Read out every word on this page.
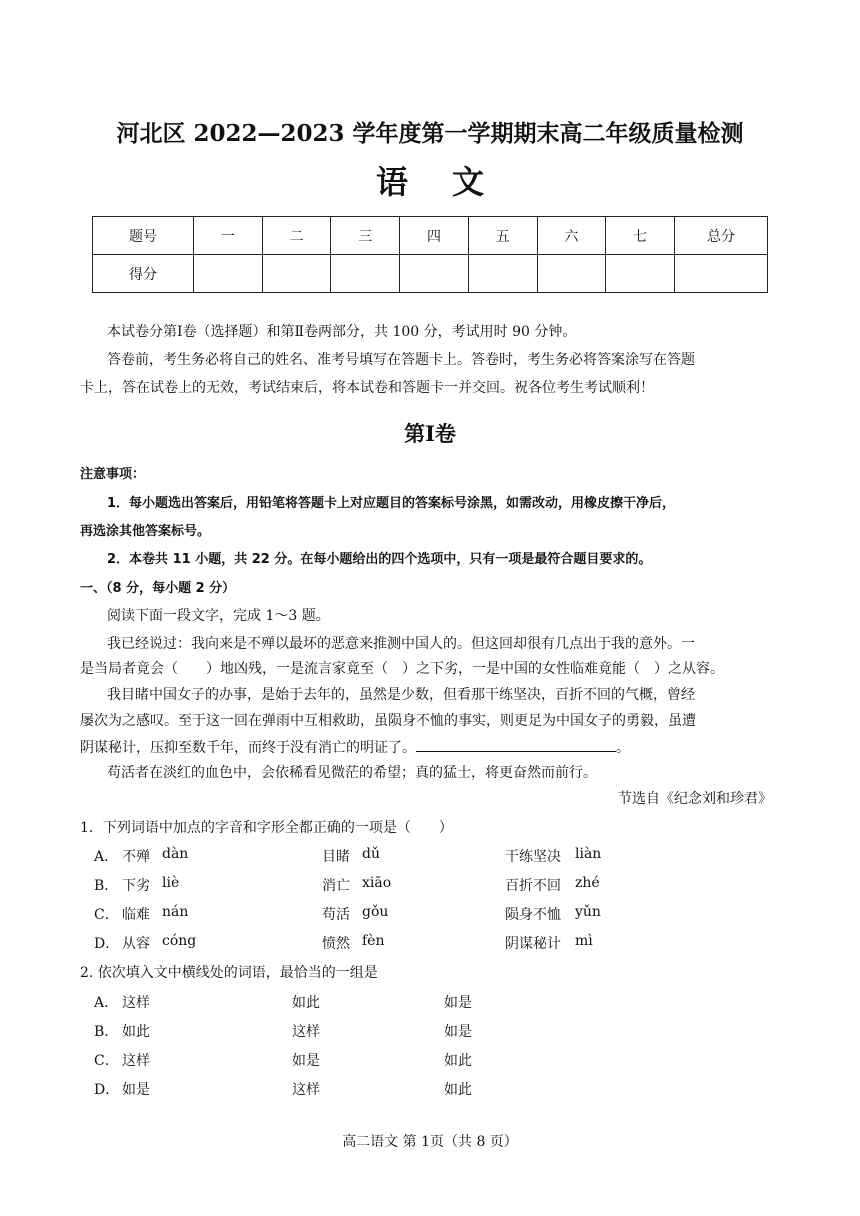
河北区 2022—2023 学年度第一学期期末高二年级质量检测
语文
题号	一	二	三	四	五	六	七	总分
得分								
本试卷分第Ⅰ卷（选择题）和第Ⅱ卷两部分，共 100 分，考试用时 90 分钟。
答卷前，考生务必将自己的姓名、准考号填写在答题卡上。答卷时，考生务必将答案涂写在答题
卡上，答在试卷上的无效，考试结束后，将本试卷和答题卡一并交回。祝各位考生考试顺利！
第Ⅰ卷
注意事项：
1．每小题选出答案后，用铅笔将答题卡上对应题目的答案标号涂黑，如需改动，用橡皮擦干净后，
再选涂其他答案标号。
2．本卷共 11 小题，共 22 分。在每小题给出的四个选项中，只有一项是最符合题目要求的。
一、（8 分，每小题 2 分）
阅读下面一段文字，完成 1～3 题。
我已经说过：我向来是不殚以最坏的恶意来推测中国人的。但这回却很有几点出于我的意外。一
是当局者竟会（　　）地凶残，一是流言家竟至（　）之下劣，一是中国的女性临难竟能（　）之从容。
我目睹中国女子的办事，是始于去年的，虽然是少数，但看那干练坚决，百折不回的气概，曾经
屡次为之感叹。至于这一回在弹雨中互相救助，虽陨身不恤的事实，则更足为中国女子的勇毅，虽遭
阴谋秘计，压抑至数千年，而终于没有消亡的明证了。	。
苟活者在淡红的血色中，会依稀看见微茫的希望；真的猛士，将更奋然而前行。
节选自《纪念刘和珍君》
1．下列词语中加点的字音和字形全都正确的一项是（　　）
A． 不殚 dàn	目睹 dǔ	干练坚决 liàn
B． 下劣 liè	消亡 xiāo	百折不回 zhé
C． 临难 nán	苟活 gǒu	陨身不恤 yǔn
D． 从容 cóng	愤然 fèn	阴谋秘计 mì
2. 依次填入文中横线处的词语，最恰当的一组是
A． 这样	如此	如是
B． 如此	这样	如是
C． 这样	如是	如此
D． 如是	这样	如此
高二语文 第 1页（共 8 页）
